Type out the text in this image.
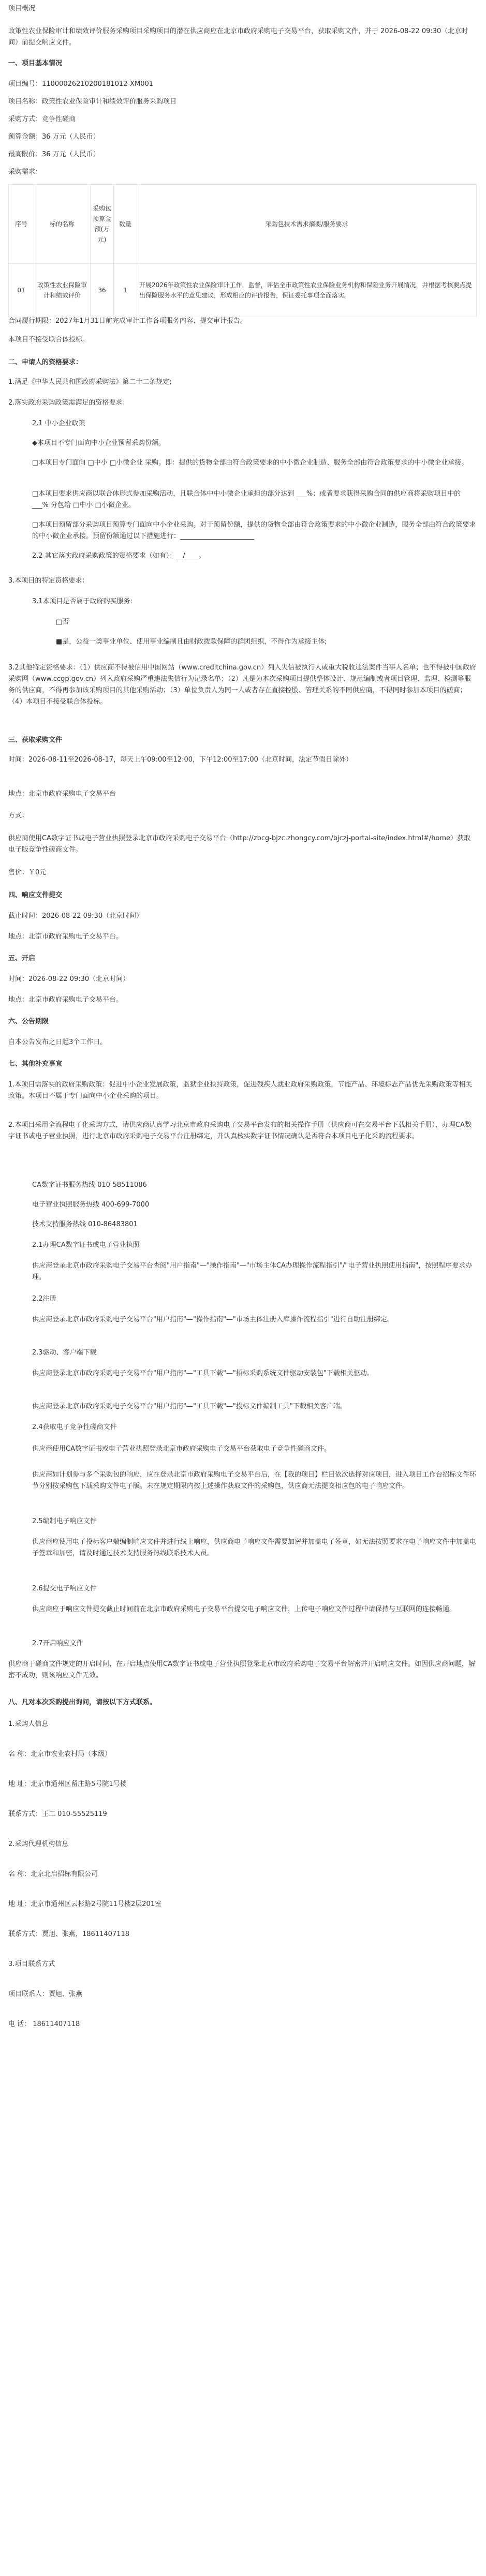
项目概况

政策性农业保险审计和绩效评价服务采购项目采购项目的潜在供应商应在北京市政府采购电子交易平台，获取采购文件，并于 2026-08-22 09:30（北京时间）前提交响应文件。

一、项目基本情况

项目编号：11000026210200181012-XM001

项目名称：政策性农业保险审计和绩效评价服务采购项目

采购方式：竞争性磋商

预算金额：36 万元（人民币）

最高限价：36 万元（人民币）

采购需求：

序号	标的名称	采购包预算金额(万元)	数量	采购包技术需求摘要/服务要求
01	政策性农业保险审计和绩效评价	36	1	开展2026年政策性农业保险审计工作，监督，评估全市政策性农业保险业务机构和保险业务开展情况，并根据考核要点提出保险服务水平的意见建议，形成相应的评价报告，保证委托事项全面落实。

合同履行期限：2027年1月31日前完成审计工作各项服务内容、提交审计报告。

本项目不接受联合体投标。

二、申请人的资格要求：

1.满足《中华人民共和国政府采购法》第二十二条规定;

2.落实政府采购政策需满足的资格要求：

2.1 中小企业政策

◆本项目不专门面向中小企业预留采购份额。

□本项目专门面向 □中小 □小微企业 采购。即：提供的货物全部由符合政策要求的中小微企业制造、服务全部由符合政策要求的中小微企业承接。

□本项目要求供应商以联合体形式参加采购活动，且联合体中中小微企业承担的部分达到 ___%；或者要求获得采购合同的供应商将采购项目中的 ___% 分包给 □中小 □小微企业。

□本项目预留部分采购项目预算专门面向中小企业采购。对于预留份额，提供的货物全部由符合政策要求的中小微企业制造，服务全部由符合政策要求的中小微企业承接。预留份额通过以下措施进行：______________________

2.2 其它落实政府采购政策的资格要求（如有）：__/____。

3.本项目的特定资格要求：

3.1本项目是否属于政府购买服务:

□否

■是，公益一类事业单位、使用事业编制且由财政拨款保障的群团组织，不得作为承接主体;

3.2其他特定资格要求：（1）供应商不得被信用中国网站（www.creditchina.gov.cn）列入失信被执行人或重大税收违法案件当事人名单；也不得被中国政府采购网（www.ccgp.gov.cn）列入政府采购严重违法失信行为记录名单；（2）凡是为本次采购项目提供整体设计、规范编制或者项目管理、监理、检测等服务的供应商，不得再参加该采购项目的其他采购活动；（3）单位负责人为同一人或者存在直接控股、管理关系的不同供应商，不得同时参加本项目的磋商；（4）本项目不接受联合体投标。

三、获取采购文件

时间：2026-08-11至2026-08-17，每天上午09:00至12:00，下午12:00至17:00（北京时间，法定节假日除外）

地点：北京市政府采购电子交易平台

方式：

供应商使用CA数字证书或电子营业执照登录北京市政府采购电子交易平台（http://zbcg-bjzc.zhongcy.com/bjczj-portal-site/index.html#/home）获取电子版竞争性磋商文件。

售价：￥0元

四、响应文件提交

截止时间：2026-08-22 09:30（北京时间）

地点：北京市政府采购电子交易平台。

五、开启

时间：2026-08-22 09:30（北京时间）

地点：北京市政府采购电子交易平台。

六、公告期限

自本公告发布之日起3个工作日。

七、其他补充事宜

1.本项目需落实的政府采购政策：促进中小企业发展政策，监狱企业扶持政策，促进残疾人就业政府采购政策，节能产品、环境标志产品优先采购政策等相关政策。本项目不属于专门面向中小企业采购的项目。

2.本项目采用全流程电子化采购方式，请供应商认真学习北京市政府采购电子交易平台发布的相关操作手册（供应商可在交易平台下载相关手册），办理CA数字证书或电子营业执照，进行北京市政府采购电子交易平台注册绑定，并认真核实数字证书情况确认是否符合本项目电子化采购流程要求。

CA数字证书服务热线 010-58511086

电子营业执照服务热线 400-699-7000

技术支持服务热线 010-86483801

2.1办理CA数字证书或电子营业执照

供应商登录北京市政府采购电子交易平台查阅"用户指南"—"操作指南"—"市场主体CA办理操作流程指引"/"电子营业执照使用指南"，按照程序要求办理。

2.2注册

供应商登录北京市政府采购电子交易平台"用户指南"—"操作指南"—"市场主体注册入库操作流程指引"进行自助注册绑定。

2.3驱动、客户端下载

供应商登录北京市政府采购电子交易平台"用户指南"—"工具下载"—"招标采购系统文件驱动安装包"下载相关驱动。

供应商登录北京市政府采购电子交易平台"用户指南"—"工具下载"—"投标文件编制工具"下载相关客户端。

2.4获取电子竞争性磋商文件

供应商使用CA数字证书或电子营业执照登录北京市政府采购电子交易平台获取电子竞争性磋商文件。

供应商如计划参与多个采购包的响应，应在登录北京市政府采购电子交易平台后，在【我的项目】栏目依次选择对应项目，进入项目工作台招标文件环节分别按采购包下载采购文件电子版。未在规定期限内按上述操作获取文件的采购包，供应商无法提交相应包的电子响应文件。

2.5编制电子响应文件

供应商应使用电子投标客户端编制响应文件并进行线上响应，供应商电子响应文件需要加密并加盖电子签章，如无法按照要求在电子响应文件中加盖电子签章和加密，请及时通过技术支持服务热线联系技术人员。

2.6提交电子响应文件

供应商应于响应文件提交截止时间前在北京市政府采购电子交易平台提交电子响应文件，上传电子响应文件过程中请保持与互联网的连接畅通。

2.7开启响应文件

供应商于磋商文件规定的开启时间，在开启地点使用CA数字证书或电子营业执照登录北京市政府采购电子交易平台解密并开启响应文件。如因供应商问题，解密不成功，则该响应文件无效。

八、凡对本次采购提出询问，请按以下方式联系。

1.采购人信息

名 称：北京市农业农村局（本级）

地 址：北京市通州区留庄路5号院1号楼

联系方式：王工 010-55525119

2.采购代理机构信息

名 称：北京北启招标有限公司

地 址：北京市通州区云杉路2号院11号楼2层201室

联系方式：贾旭、张燕，18611407118

3.项目联系方式

项目联系人：贾旭、张燕

电 话： 18611407118
